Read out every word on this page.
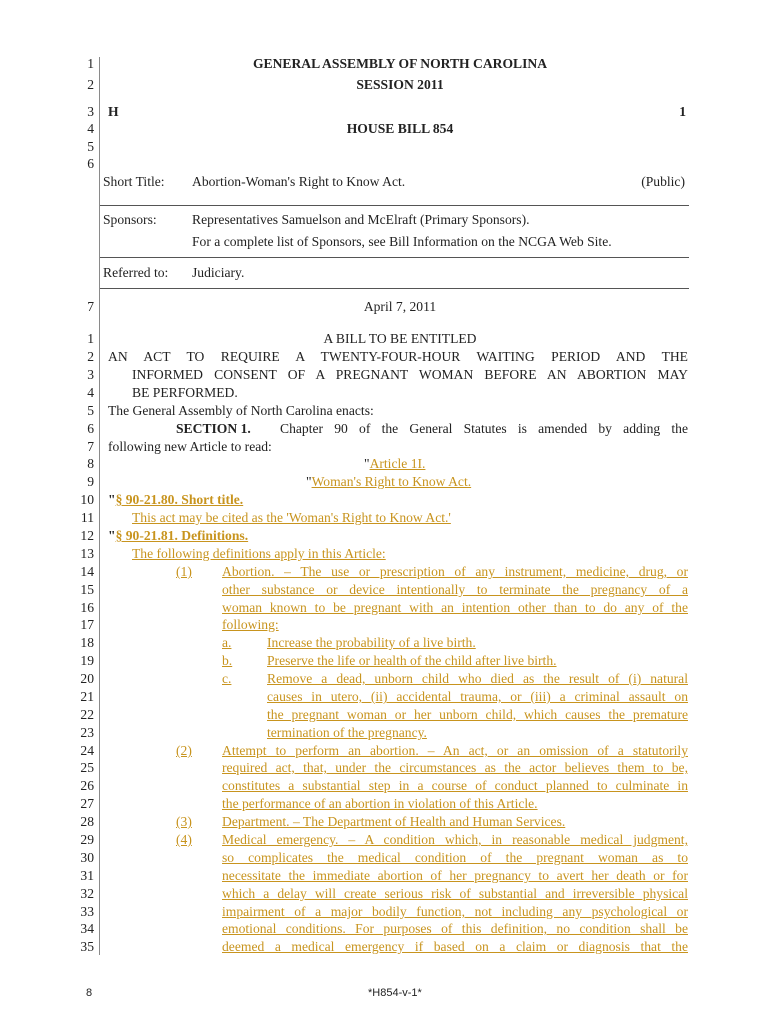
1	GENERAL ASSEMBLY OF NORTH CAROLINA
2	SESSION 2011
3 H	1
4	HOUSE BILL 854
5
6
Short Title: Abortion-Woman's Right to Know Act.	(Public)
Sponsors:	Representatives Samuelson and McElraft (Primary Sponsors).
For a complete list of Sponsors, see Bill Information on the NCGA Web Site.
Referred to: Judiciary.
7	April 7, 2011
1	A BILL TO BE ENTITLED
2 AN ACT TO REQUIRE A TWENTY-FOUR-HOUR WAITING PERIOD AND THE
3	INFORMED CONSENT OF A PREGNANT WOMAN BEFORE AN ABORTION MAY
4	BE PERFORMED.
5 The General Assembly of North Carolina enacts:
6	SECTION 1. Chapter 90 of the General Statutes is amended by adding the
7 following new Article to read:
8	"Article 1I.
9	"Woman's Right to Know Act.
10 "§ 90-21.80. Short title.
11	This act may be cited as the 'Woman's Right to Know Act.'
12 "§ 90-21.81. Definitions.
13	The following definitions apply in this Article:
14	(1) Abortion. – The use or prescription of any instrument, medicine, drug, or
15	other substance or device intentionally to terminate the pregnancy of a
16	woman known to be pregnant with an intention other than to do any of the
17	following:
18	a.	Increase the probability of a live birth.
19	b.	Preserve the life or health of the child after live birth.
20	c.	Remove a dead, unborn child who died as the result of (i) natural
21	causes in utero, (ii) accidental trauma, or (iii) a criminal assault on
22	the pregnant woman or her unborn child, which causes the premature
23	termination of the pregnancy.
24	(2) Attempt to perform an abortion. – An act, or an omission of a statutorily
25	required act, that, under the circumstances as the actor believes them to be,
26	constitutes a substantial step in a course of conduct planned to culminate in
27	the performance of an abortion in violation of this Article.
28	(3) Department. – The Department of Health and Human Services.
29	(4) Medical emergency. – A condition which, in reasonable medical judgment,
30	so complicates the medical condition of the pregnant woman as to
31	necessitate the immediate abortion of her pregnancy to avert her death or for
32	which a delay will create serious risk of substantial and irreversible physical
33	impairment of a major bodily function, not including any psychological or
34	emotional conditions. For purposes of this definition, no condition shall be
35	deemed a medical emergency if based on a claim or diagnosis that the
8	*H854-v-1*
